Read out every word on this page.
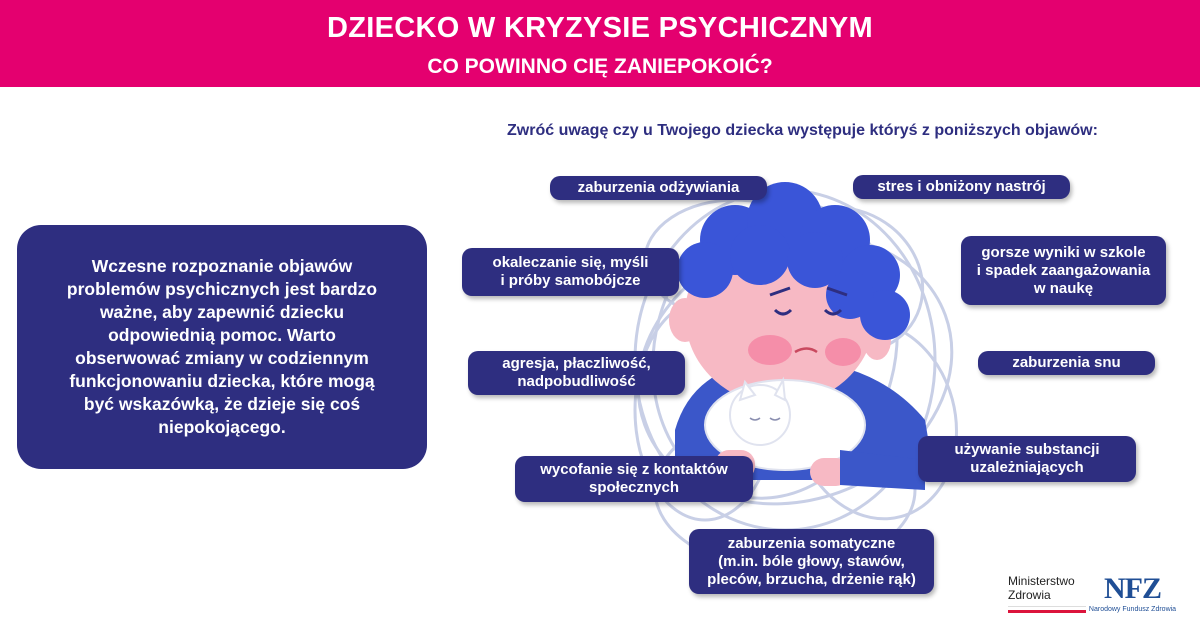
DZIECKO W KRYZYSIE PSYCHICZNYM
CO POWINNO CIĘ ZANIEPOKOIĆ?
Zwróć uwagę czy u Twojego dziecka występuje któryś z poniższych objawów:
Wczesne rozpoznanie objawów problemów psychicznych jest bardzo ważne, aby zapewnić dziecku odpowiednią pomoc. Warto obserwować zmiany w codziennym funkcjonowaniu dziecka, które mogą być wskazówką, że dzieje się coś niepokojącego.
zaburzenia odżywiania	stres i obniżony nastrój
okaleczanie się, myśli
i próby samobójcze
gorsze wyniki w szkole
i spadek zaangażowania
w naukę
agresja, płaczliwość,
nadpobudliwość
zaburzenia snu
używanie substancji
uzależniających
wycofanie się z kontaktów
społecznych
zaburzenia somatyczne
(m.in. bóle głowy, stawów,
pleców, brzucha, drżenie rąk)	Ministerstwo
Zdrowia	NFZ
Narodowy Fundusz Zdrowia
